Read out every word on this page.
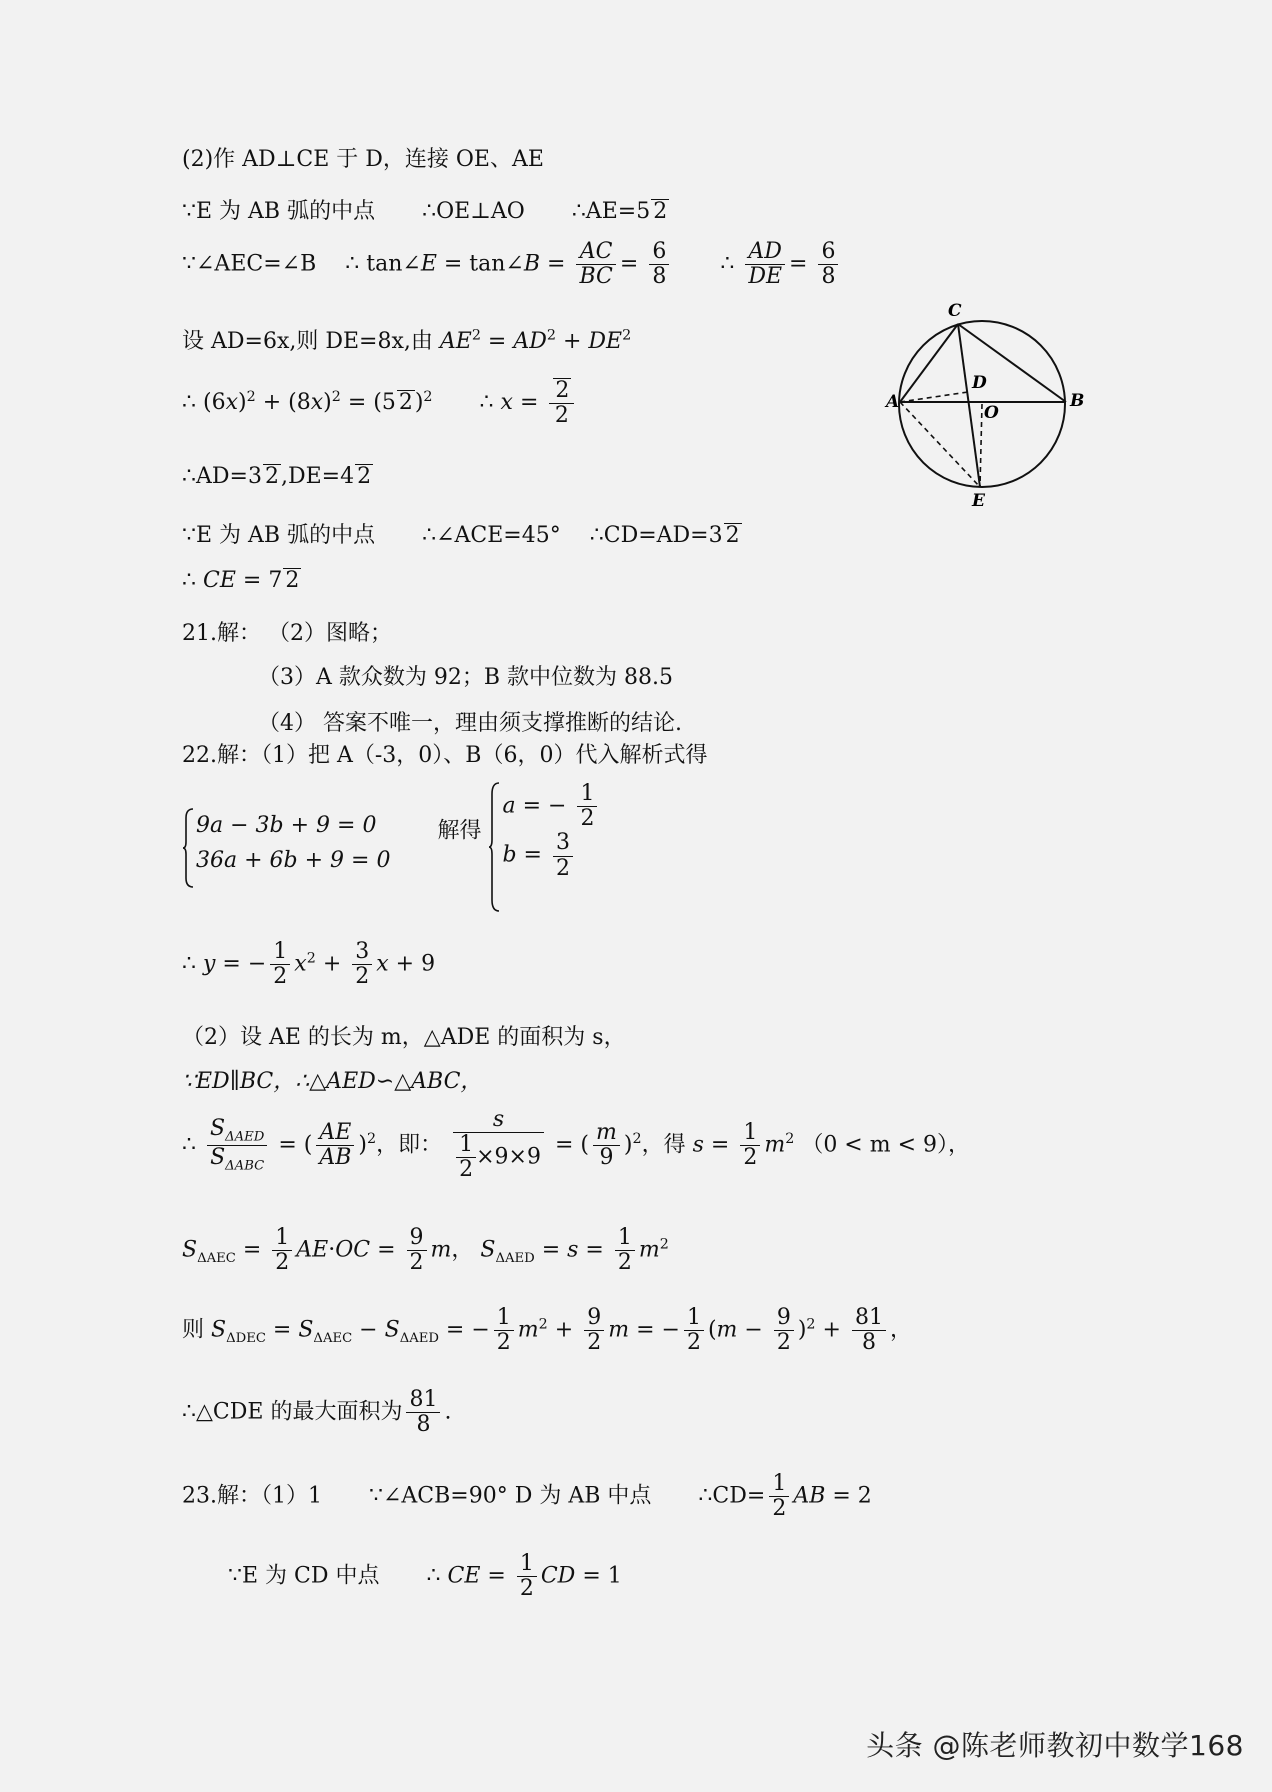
(2)作 AD⊥CE 于 D，连接 OE、AE
∵E 为 AB 弧的中点 ∴OE⊥AO ∴AE=5 2
∵∠AEC=∠B ∴ tan∠E = tan∠B = $\frac{AC}{BC} = \frac{6}{8}$ ∴ $\frac{AD}{DE} = \frac{6}{8}$
设 AD=6x,则 DE=8x,由 $AE^2 = AD^2 + DE^2$
∴ $(6x)^2 + (8x)^2 = (5$ 2)$^2$ ∴ $x = \frac{2}{2}$
∴AD=3 2,DE=4 2
∵E 为 AB 弧的中点 ∴∠ACE=45° ∴CD=AD=3 2
∴ CE = 7 2
21.解： （2）图略；
（3）A 款众数为 92；B 款中位数为 88.5
（4） 答案不唯一，理由须支撑推断的结论.
22.解：（1）把 A（-3，0）、B（6，0）代入解析式得
9a − 3b + 9 = 0
36a + 6b + 9 = 0
解得
a = − $\frac{1}{2}$
$b = \frac{3}{2}$
∴ y = − $\frac{1}{2} x^2 + \frac{3}{2}$ x + 9
（2）设 AE 的长为 m，△ADE 的面积为 s，
∵ED∥BC，∴△AED∽△ABC，
∴ $\frac{S_{\Delta AED}}{S_{\Delta ABC}}$ = ( $\frac{AE}{AB} )^2$，即： $\frac{s}{\frac{1}{2} \times 9\times 9}$ = ( $\frac{m}{9} )^2$，得 $s = \frac{1}{2} m^2$ （0 < m < 9），
$S_{\Delta AEC} = \frac{1}{2} AE\cdot OC = \frac{9}{2}$ m， $S_{\Delta AED} = s = \frac{1}{2} m^2$
则 $S_{\Delta DEC} = S_{\Delta AEC} - S_{\Delta AED}$ = − $\frac{1}{2} m^2 + \frac{9}{2}$ m = − $\frac{1}{2} (m - \frac{9}{2} )^2 + \frac{81}{8}$ ，
∴△CDE 的最大面积为 $\frac{81}{8}$ .
23.解：（1）1 ∵∠ACB=90° D 为 AB 中点 ∴CD= $\frac{1}{2}$ AB = 2
∵E 为 CD 中点 ∴ CE = $\frac{1}{2}$ CD = 1
A	B
C
D
O
E
头条 @陈老师教初中数学168
